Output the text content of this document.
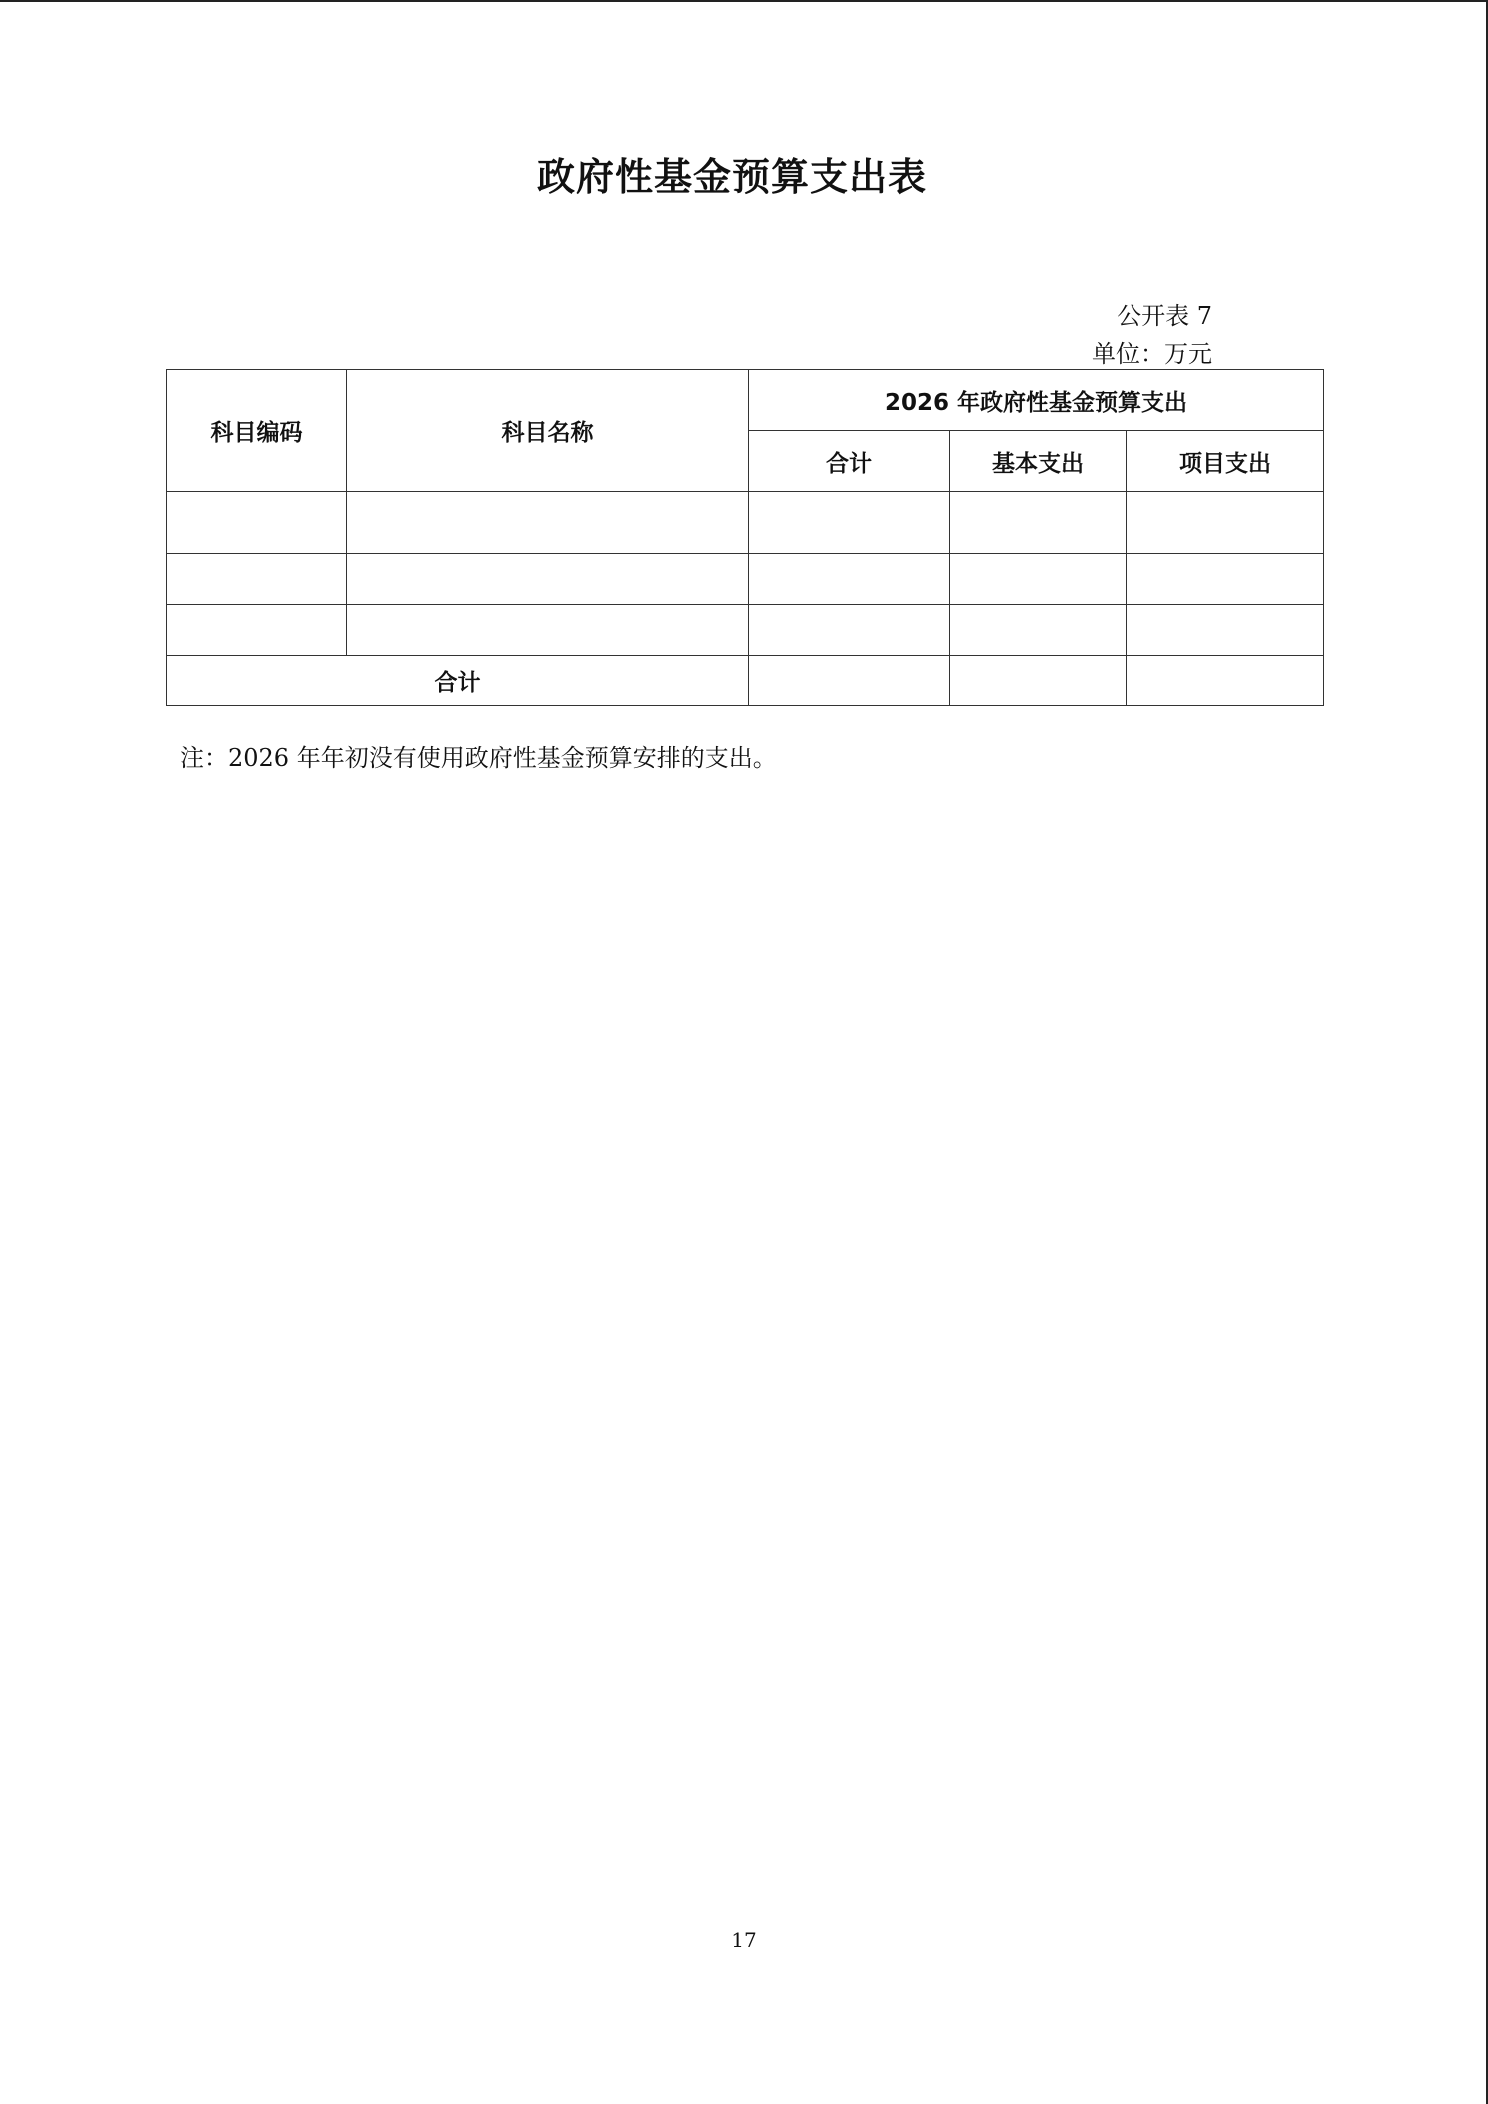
政府性基金预算支出表
公开表 7
单位：万元
科目编码	科目名称	2026 年政府性基金预算支出		
		合计	基本支出	项目支出

合计				
注：2026 年年初没有使用政府性基金预算安排的支出。
17
